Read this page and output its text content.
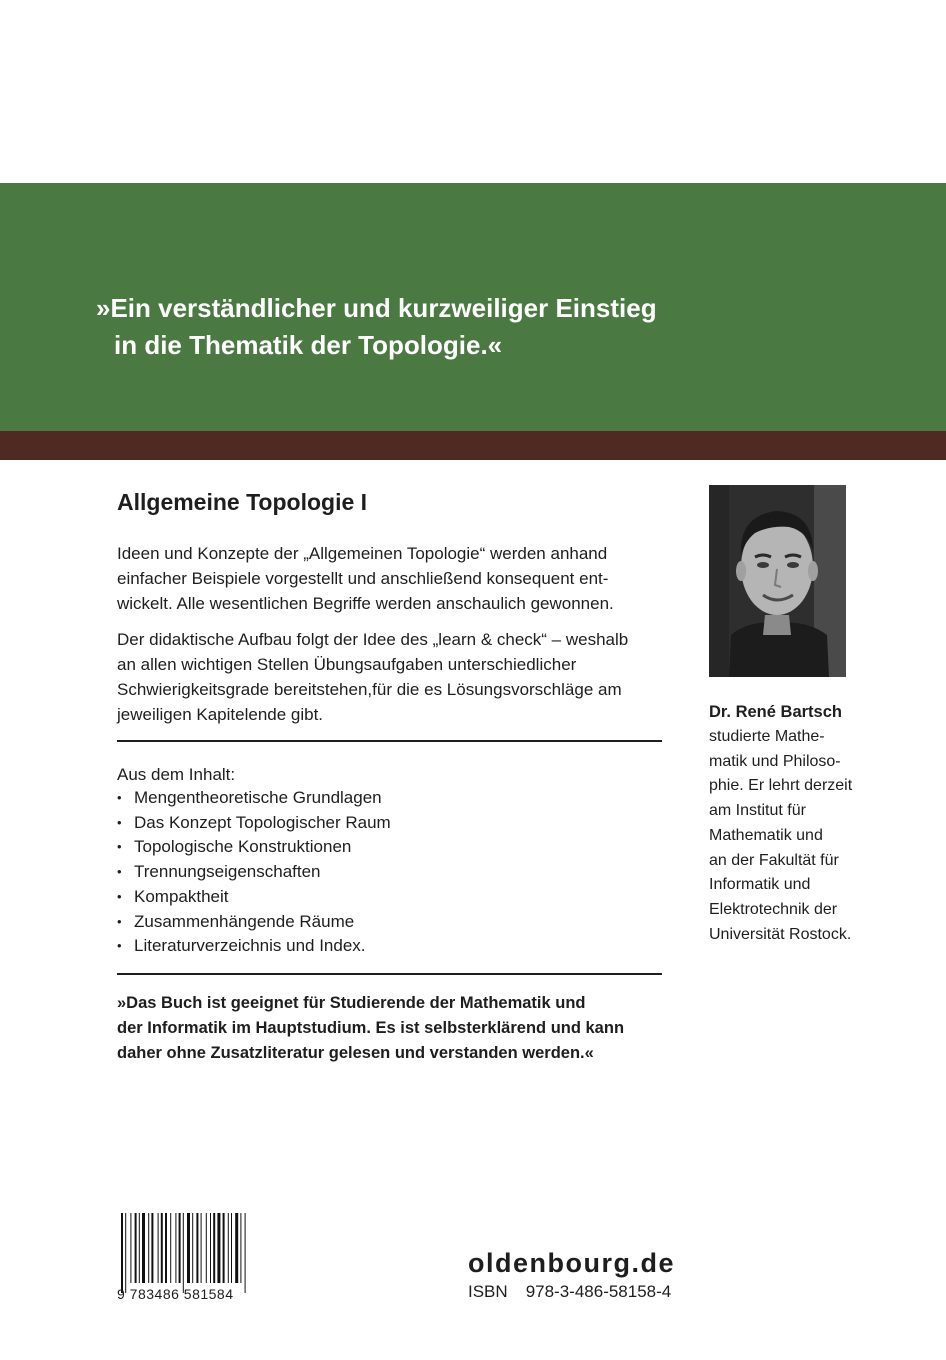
»Ein verständlicher und kurzweiliger Einstieg
in die Thematik der Topologie.«
Allgemeine Topologie I
Ideen und Konzepte der „Allgemeinen Topologie“ werden anhand
einfacher Beispiele vorgestellt und anschließend konsequent ent-
wickelt. Alle wesentlichen Begriffe werden anschaulich gewonnen.
Der didaktische Aufbau folgt der Idee des „learn & check“ – weshalb
an allen wichtigen Stellen Übungsaufgaben unterschiedlicher
Schwierigkeitsgrade bereitstehen,für die es Lösungsvorschläge am
jeweiligen Kapitelende gibt.
Aus dem Inhalt:
• Mengentheoretische Grundlagen
• Das Konzept Topologischer Raum
• Topologische Konstruktionen
• Trennungseigenschaften
• Kompaktheit
• Zusammenhängende Räume
• Literaturverzeichnis und Index.
»Das Buch ist geeignet für Studierende der Mathematik und
der Informatik im Hauptstudium. Es ist selbsterklärend und kann
daher ohne Zusatzliteratur gelesen und verstanden werden.«
Dr. René Bartsch
studierte Mathe-
matik und Philoso-
phie. Er lehrt derzeit
am Institut für
Mathematik und
an der Fakultät für
Informatik und
Elektrotechnik der
Universität Rostock.
9 783486 581584
oldenbourg.de
ISBN 978-3-486-58158-4
